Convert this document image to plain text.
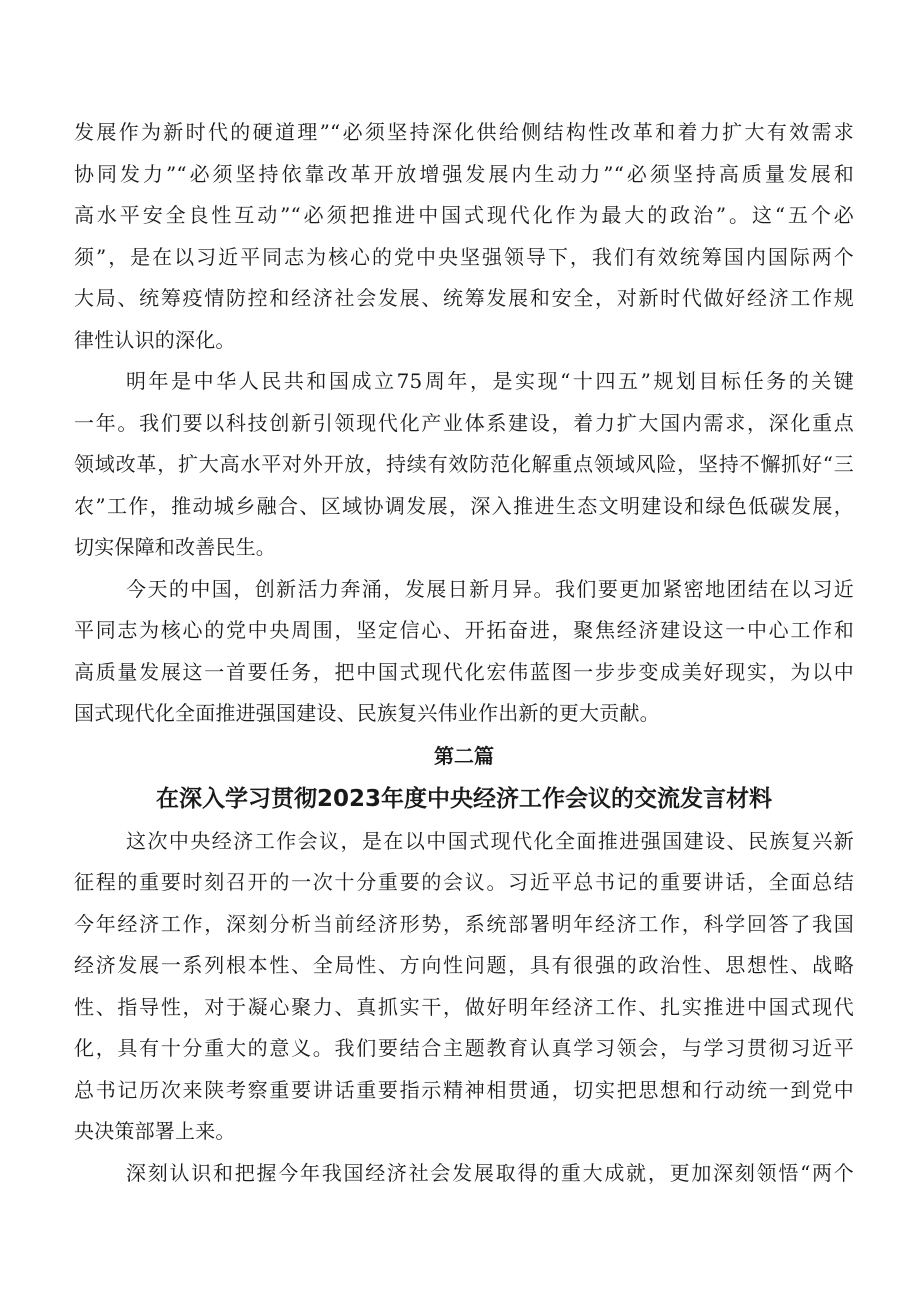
发展作为新时代的硬道理”“必须坚持深化供给侧结构性改革和着力扩大有效需求
协同发力”“必须坚持依靠改革开放增强发展内生动力”“必须坚持高质量发展和
高水平安全良性互动”“必须把推进中国式现代化作为最大的政治”。这“五个必
须”，是在以习近平同志为核心的党中央坚强领导下，我们有效统筹国内国际两个
大局、统筹疫情防控和经济社会发展、统筹发展和安全，对新时代做好经济工作规
律性认识的深化。
明年是中华人民共和国成立75周年，是实现“十四五”规划目标任务的关键
一年。我们要以科技创新引领现代化产业体系建设，着力扩大国内需求，深化重点
领域改革，扩大高水平对外开放，持续有效防范化解重点领域风险，坚持不懈抓好“三
农”工作，推动城乡融合、区域协调发展，深入推进生态文明建设和绿色低碳发展，
切实保障和改善民生。
今天的中国，创新活力奔涌，发展日新月异。我们要更加紧密地团结在以习近
平同志为核心的党中央周围，坚定信心、开拓奋进，聚焦经济建设这一中心工作和
高质量发展这一首要任务，把中国式现代化宏伟蓝图一步步变成美好现实，为以中
国式现代化全面推进强国建设、民族复兴伟业作出新的更大贡献。
第二篇
在深入学习贯彻2023年度中央经济工作会议的交流发言材料
这次中央经济工作会议，是在以中国式现代化全面推进强国建设、民族复兴新
征程的重要时刻召开的一次十分重要的会议。习近平总书记的重要讲话，全面总结
今年经济工作，深刻分析当前经济形势，系统部署明年经济工作，科学回答了我国
经济发展一系列根本性、全局性、方向性问题，具有很强的政治性、思想性、战略
性、指导性，对于凝心聚力、真抓实干，做好明年经济工作、扎实推进中国式现代
化，具有十分重大的意义。我们要结合主题教育认真学习领会，与学习贯彻习近平
总书记历次来陕考察重要讲话重要指示精神相贯通，切实把思想和行动统一到党中
央决策部署上来。
深刻认识和把握今年我国经济社会发展取得的重大成就，更加深刻领悟“两个
